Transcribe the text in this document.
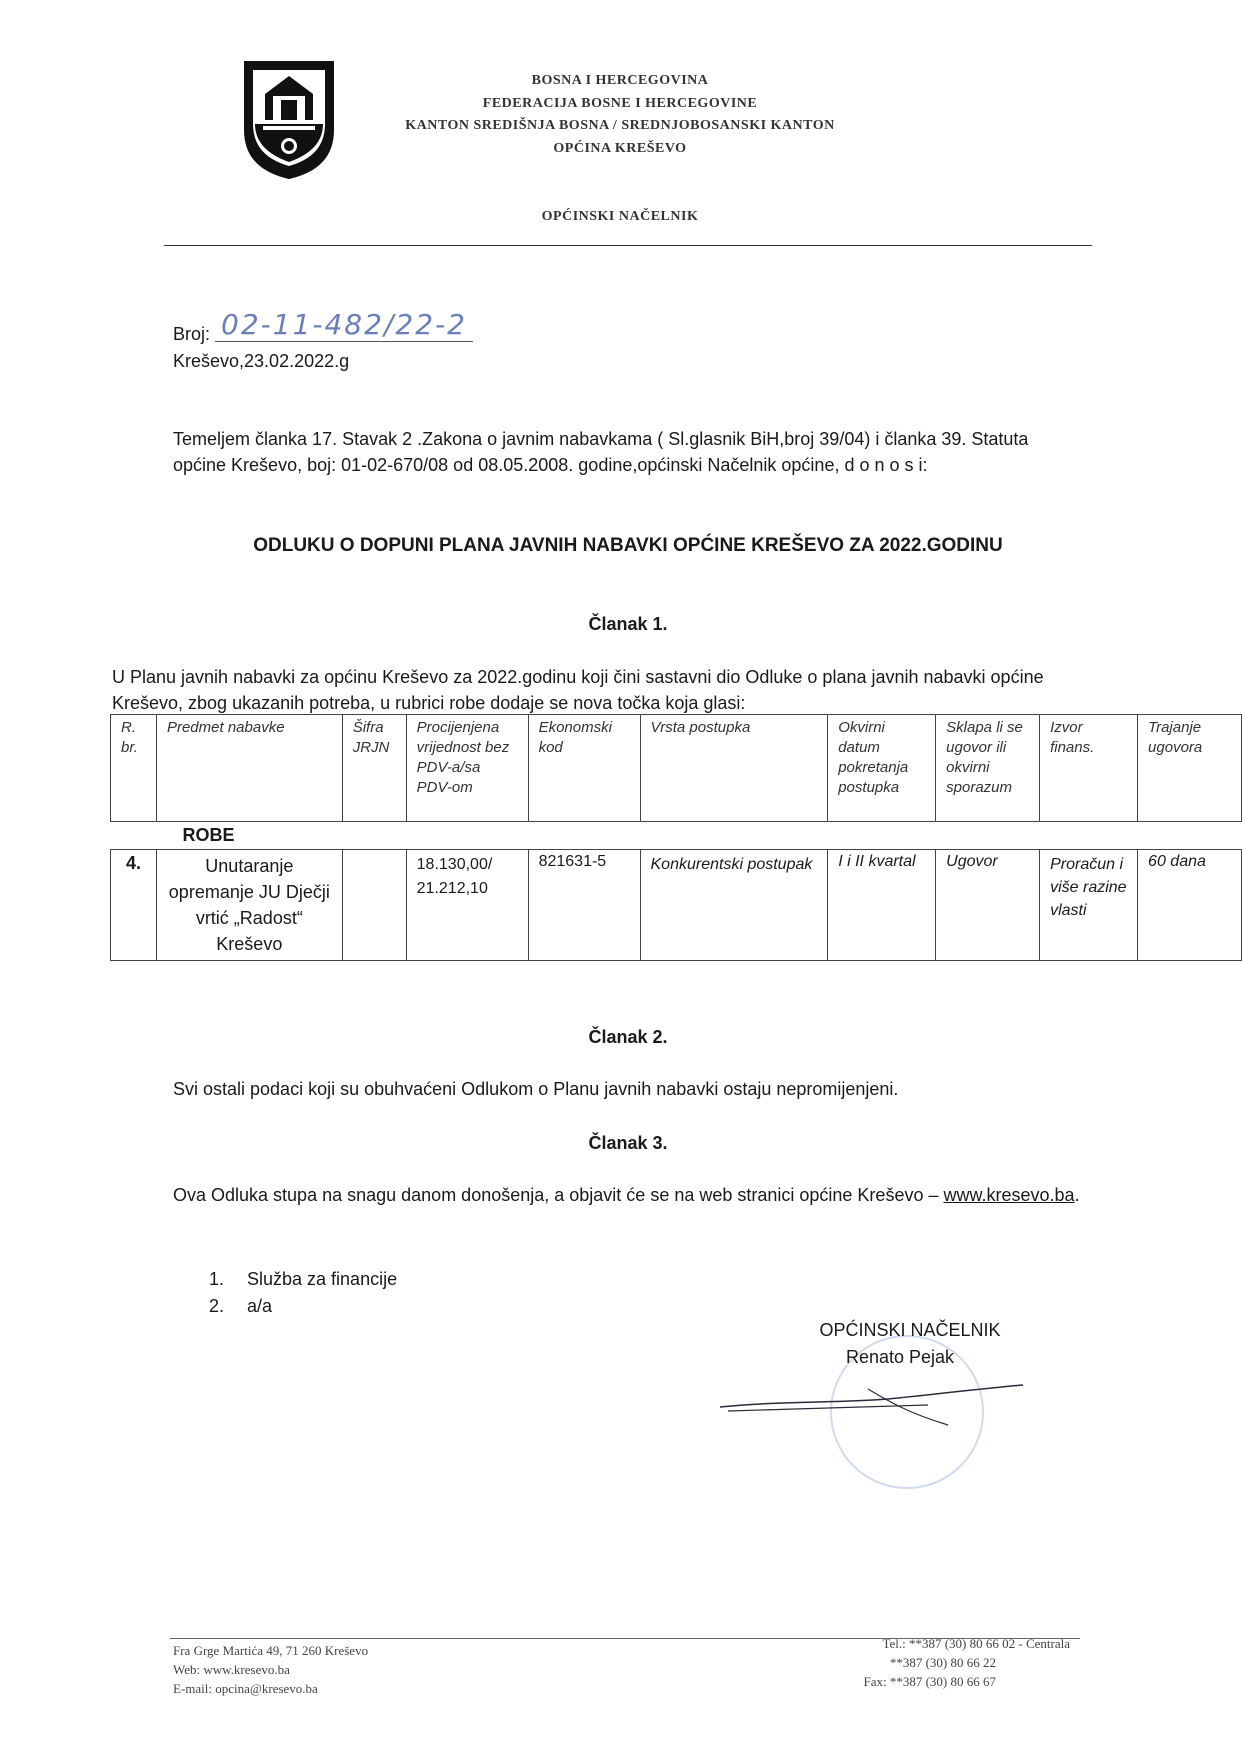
BOSNA I HERCEGOVINA
FEDERACIJA BOSNE I HERCEGOVINE
KANTON SREDIŠNJA BOSNA / SREDNJOBOSANSKI KANTON
OPĆINA KREŠEVO
OPĆINSKI NAČELNIK
Broj: 02-11-482/22-2
Kreševo,23.02.2022.g
Temeljem članka 17. Stavak 2 .Zakona o javnim nabavkama ( Sl.glasnik BiH,broj 39/04) i članka 39. Statuta općine Kreševo, boj: 01-02-670/08 od 08.05.2008. godine,općinski Načelnik općine, d o n o s i:
ODLUKU O DOPUNI PLANA JAVNIH NABAVKI OPĆINE KREŠEVO ZA 2022.GODINU
Članak 1.
U Planu javnih nabavki za općinu Kreševo za 2022.godinu koji čini sastavni dio Odluke o plana javnih nabavki općine Kreševo, zbog ukazanih potreba, u rubrici robe dodaje se nova točka koja glasi:
R. br.	Predmet nabavke	Šifra JRJN	Procijenjena vrijednost bez PDV-a/sa PDV-om	Ekonomski kod	Vrsta postupka	Okvirni datum pokretanja postupka	Sklapa li se ugovor ili okvirni sporazum	Izvor finans.	Trajanje ugovora
ROBE									
4.	Unutaranje opremanje JU Dječji vrtić „Radost“ Kreševo		18.130,00/ 21.212,10	821631-5	Konkurentski postupak	I i II kvartal	Ugovor	Proračun i više razine vlasti	60 dana
Članak 2.
Svi ostali podaci koji su obuhvaćeni Odlukom o Planu javnih nabavki ostaju nepromijenjeni.
Članak 3.
Ova Odluka stupa na snagu danom donošenja, a objavit će se na web stranici općine Kreševo – www.kresevo.ba.
1. Služba za financije
2. a/a
OPĆINSKI NAČELNIK
Renato Pejak
Fra Grge Martića 49, 71 260 Kreševo
Web: www.kresevo.ba
E-mail: opcina@kresevo.ba
Tel.: **387 (30) 80 66 02 - Centrala
**387 (30) 80 66 22
Fax: **387 (30) 80 66 67
